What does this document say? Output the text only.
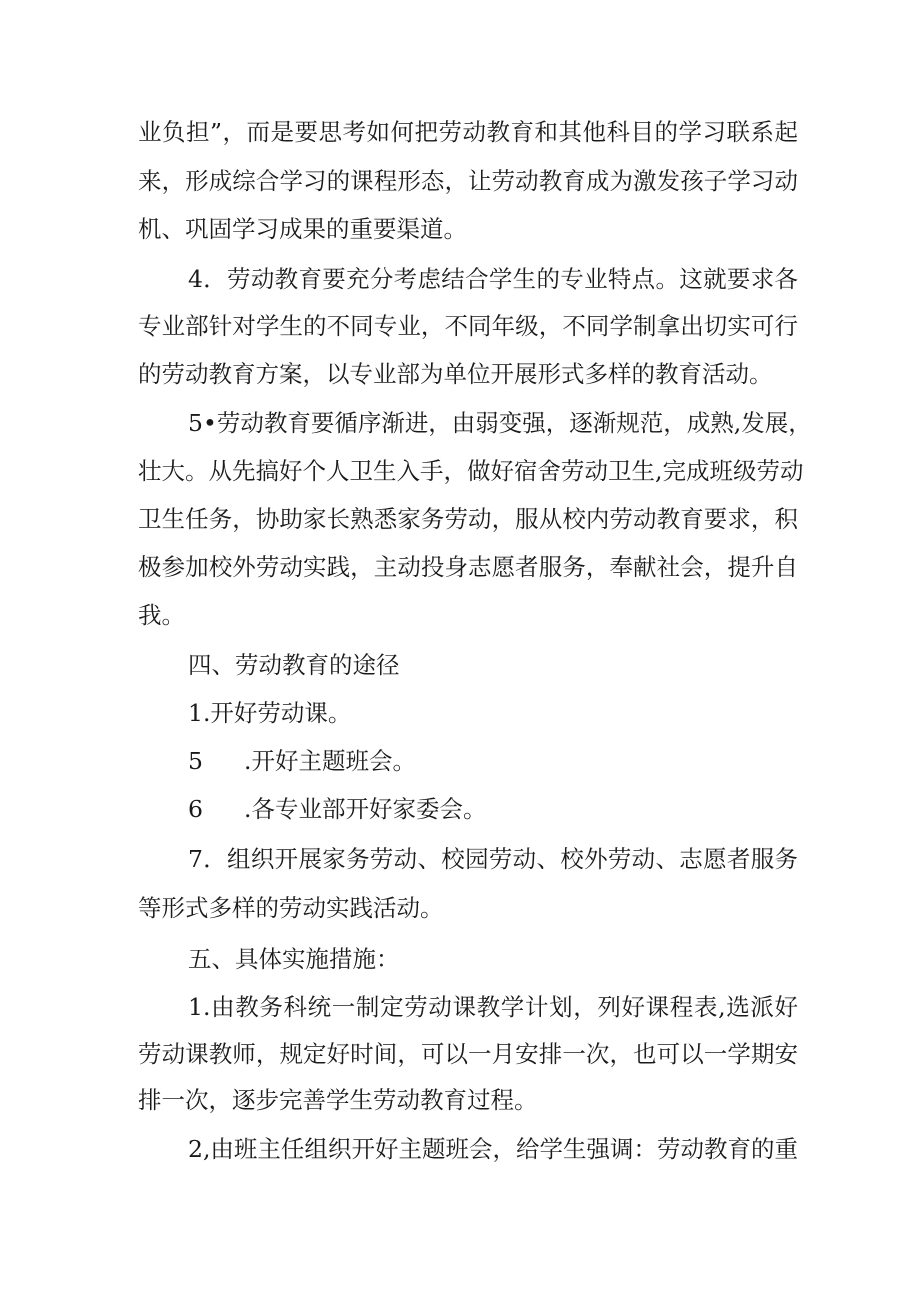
业负担”，而是要思考如何把劳动教育和其他科目的学习联系起
来，形成综合学习的课程形态，让劳动教育成为激发孩子学习动
机、巩固学习成果的重要渠道。
4．劳动教育要充分考虑结合学生的专业特点。这就要求各
专业部针对学生的不同专业，不同年级，不同学制拿出切实可行
的劳动教育方案，以专业部为单位开展形式多样的教育活动。
5•劳动教育要循序渐进，由弱变强，逐渐规范，成熟,发展，
壮大。从先搞好个人卫生入手，做好宿舍劳动卫生,完成班级劳动
卫生任务，协助家长熟悉家务劳动，服从校内劳动教育要求，积
极参加校外劳动实践，主动投身志愿者服务，奉献社会，提升自
我。
四、劳动教育的途径
1.开好劳动课。
5 .开好主题班会。
6 .各专业部开好家委会。
7．组织开展家务劳动、校园劳动、校外劳动、志愿者服务
等形式多样的劳动实践活动。
五、具体实施措施：
1.由教务科统一制定劳动课教学计划，列好课程表,选派好
劳动课教师，规定好时间，可以一月安排一次，也可以一学期安
排一次，逐步完善学生劳动教育过程。
2,由班主任组织开好主题班会，给学生强调：劳动教育的重
